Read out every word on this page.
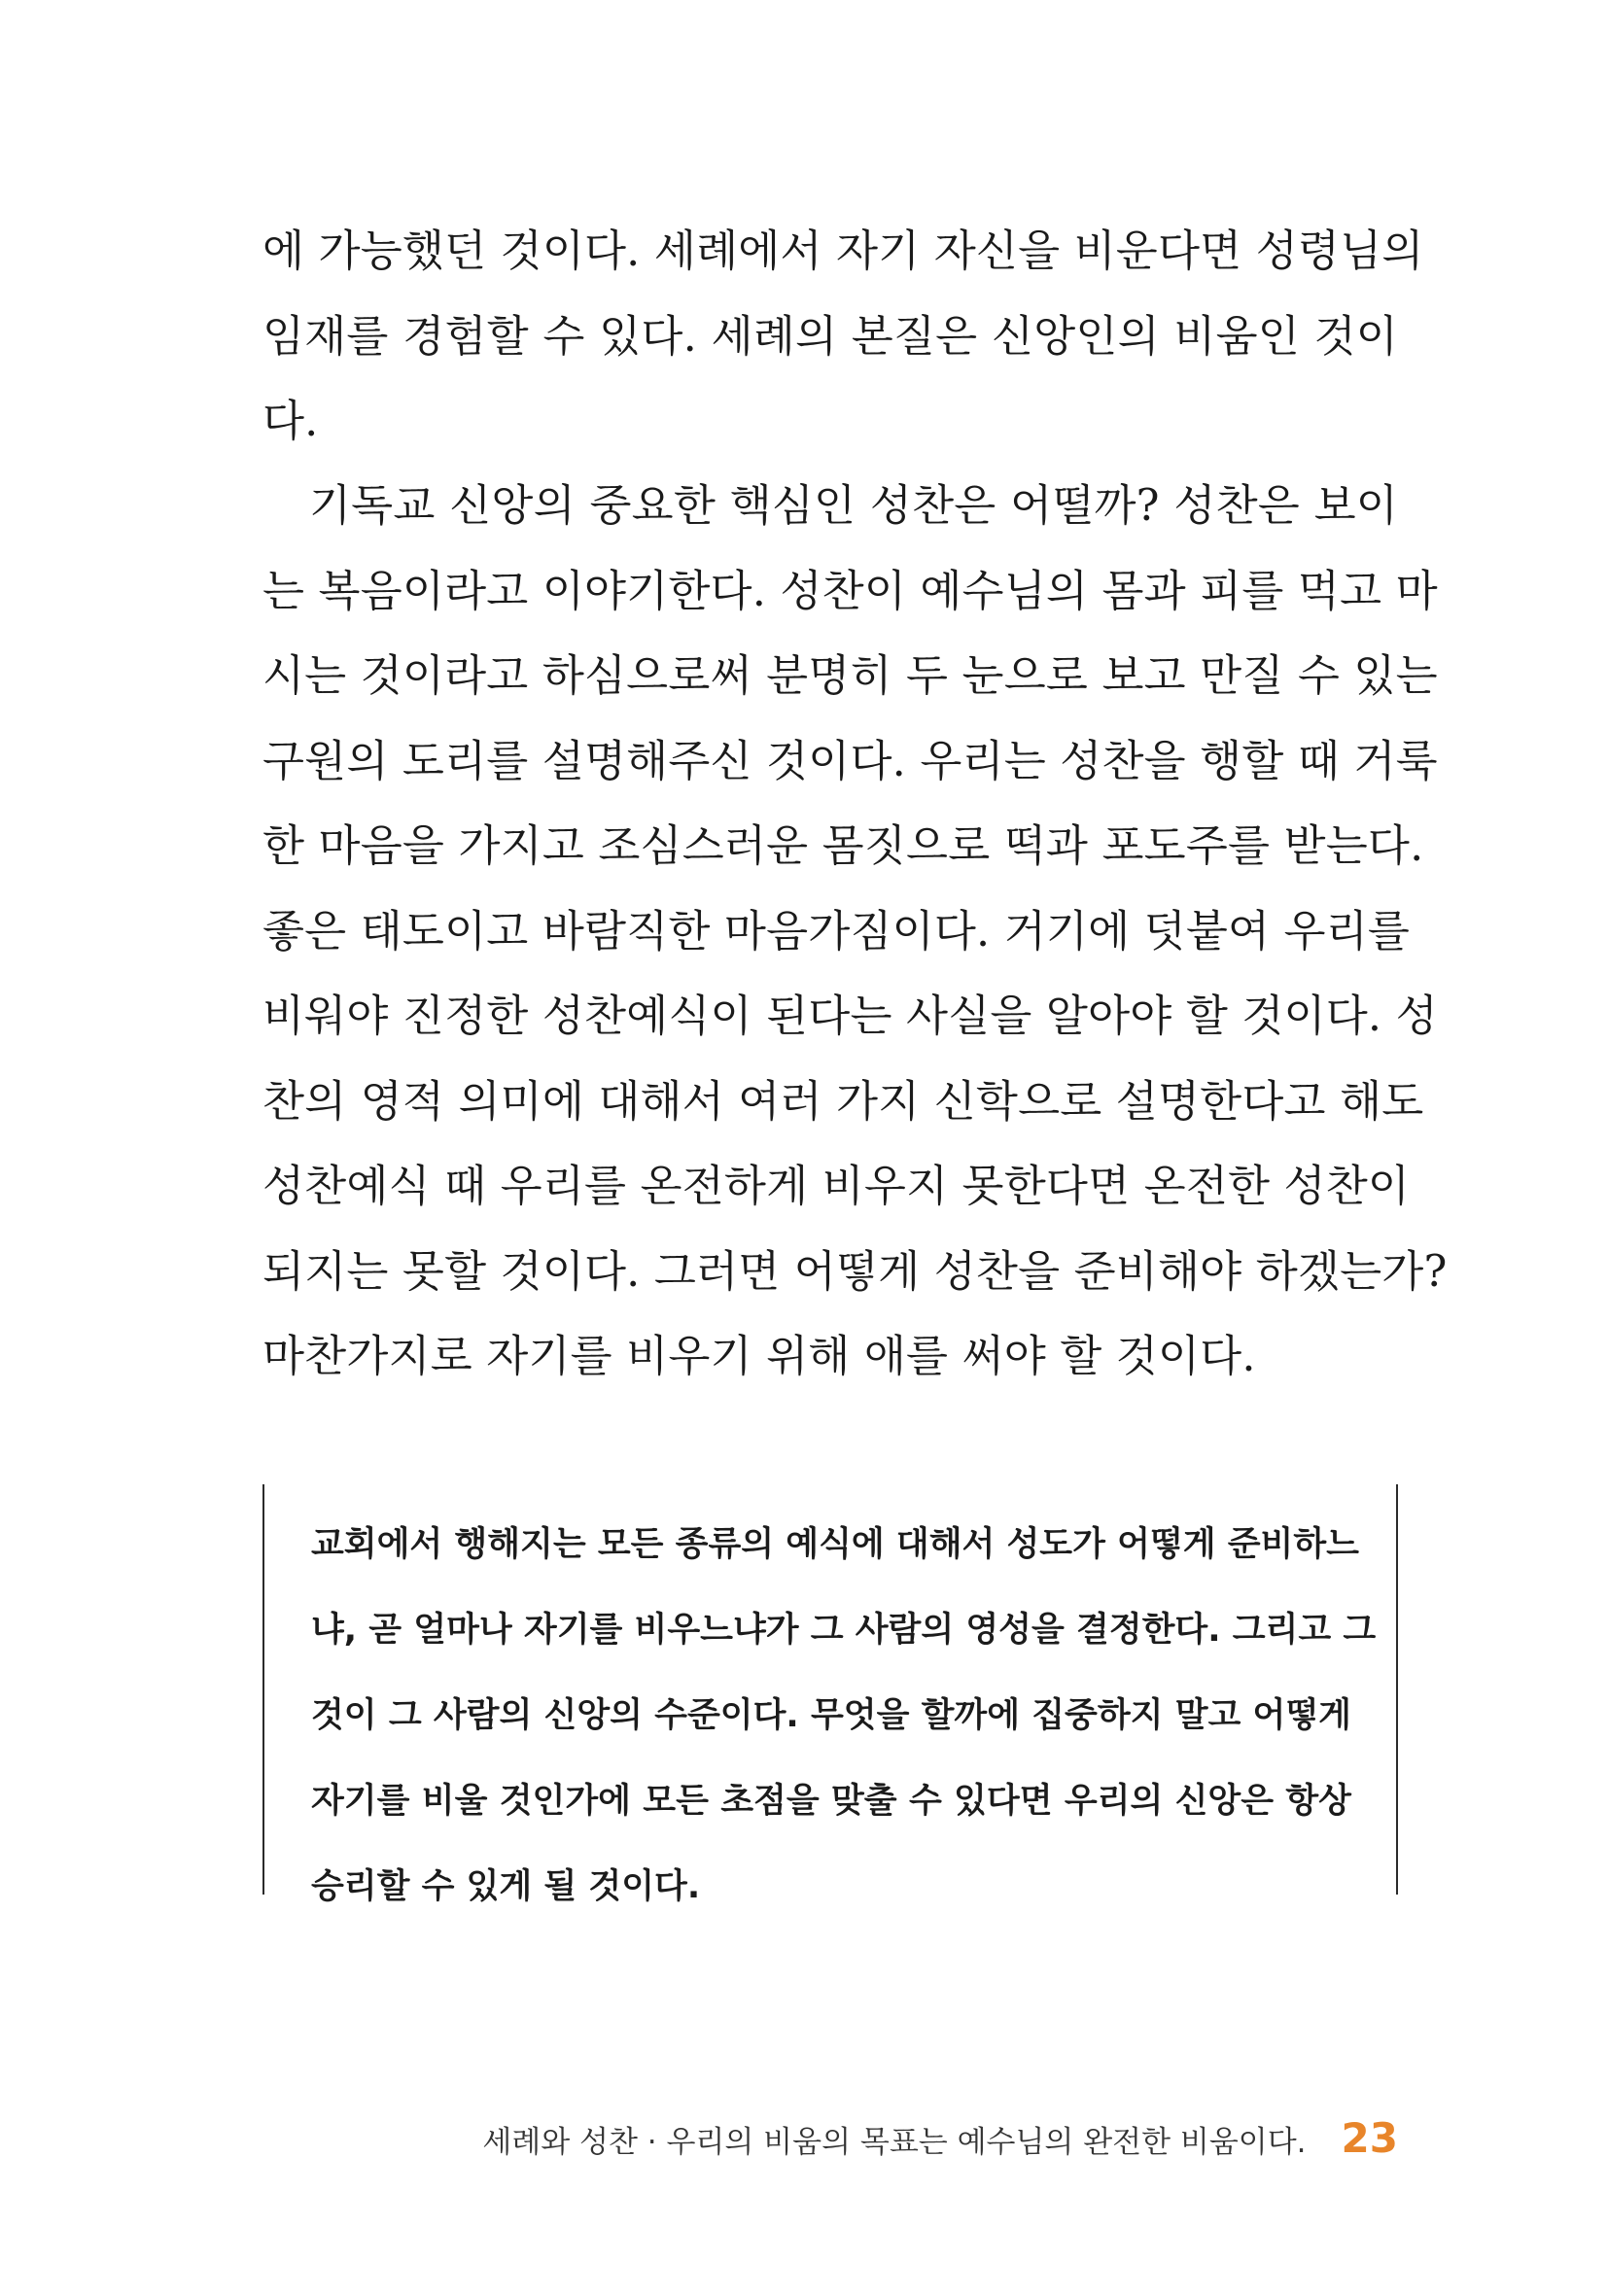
에 가능했던 것이다. 세례에서 자기 자신을 비운다면 성령님의
임재를 경험할 수 있다. 세례의 본질은 신앙인의 비움인 것이
다.
기독교 신앙의 중요한 핵심인 성찬은 어떨까? 성찬은 보이
는 복음이라고 이야기한다. 성찬이 예수님의 몸과 피를 먹고 마
시는 것이라고 하심으로써 분명히 두 눈으로 보고 만질 수 있는
구원의 도리를 설명해주신 것이다. 우리는 성찬을 행할 때 거룩
한 마음을 가지고 조심스러운 몸짓으로 떡과 포도주를 받는다.
좋은 태도이고 바람직한 마음가짐이다. 거기에 덧붙여 우리를
비워야 진정한 성찬예식이 된다는 사실을 알아야 할 것이다. 성
찬의 영적 의미에 대해서 여러 가지 신학으로 설명한다고 해도
성찬예식 때 우리를 온전하게 비우지 못한다면 온전한 성찬이
되지는 못할 것이다. 그러면 어떻게 성찬을 준비해야 하겠는가?
마찬가지로 자기를 비우기 위해 애를 써야 할 것이다.
교회에서 행해지는 모든 종류의 예식에 대해서 성도가 어떻게 준비하느
냐, 곧 얼마나 자기를 비우느냐가 그 사람의 영성을 결정한다. 그리고 그
것이 그 사람의 신앙의 수준이다. 무엇을 할까에 집중하지 말고 어떻게
자기를 비울 것인가에 모든 초점을 맞출 수 있다면 우리의 신앙은 항상
승리할 수 있게 될 것이다.
세례와 성찬 · 우리의 비움의 목표는 예수님의 완전한 비움이다. 23
